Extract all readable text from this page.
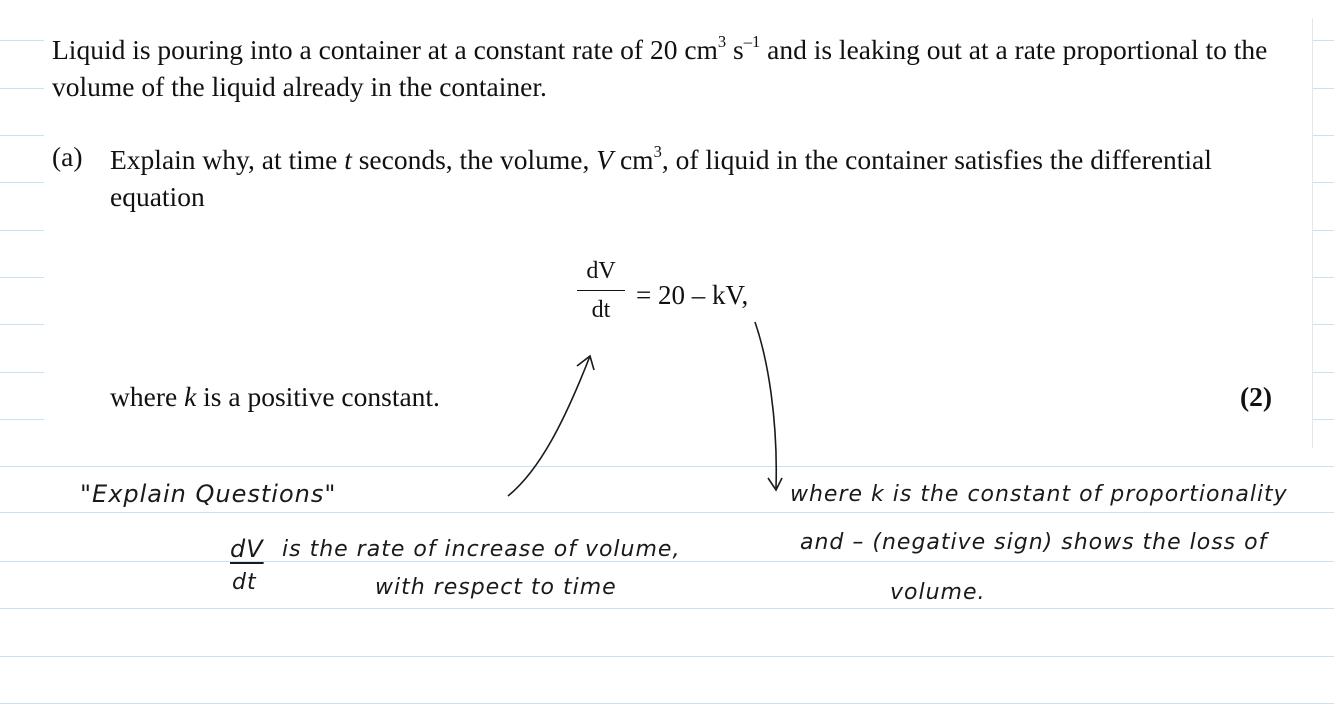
Liquid is pouring into a container at a constant rate of 20 $cm^3$ $s^{-1}$ and is leaking out at a rate proportional to the volume of the liquid already in the container.
(a) Explain why, at time t seconds, the volume, V $cm^3$, of liquid in the container satisfies the differential equation
dV
dt
= 20 – kV,
where k is a positive constant.	(2)
"Explain Questions"
dV
dt
is the rate of increase of volume,
with respect to time
where k is the constant of proportionality
and – (negative sign) shows the loss of
volume.
